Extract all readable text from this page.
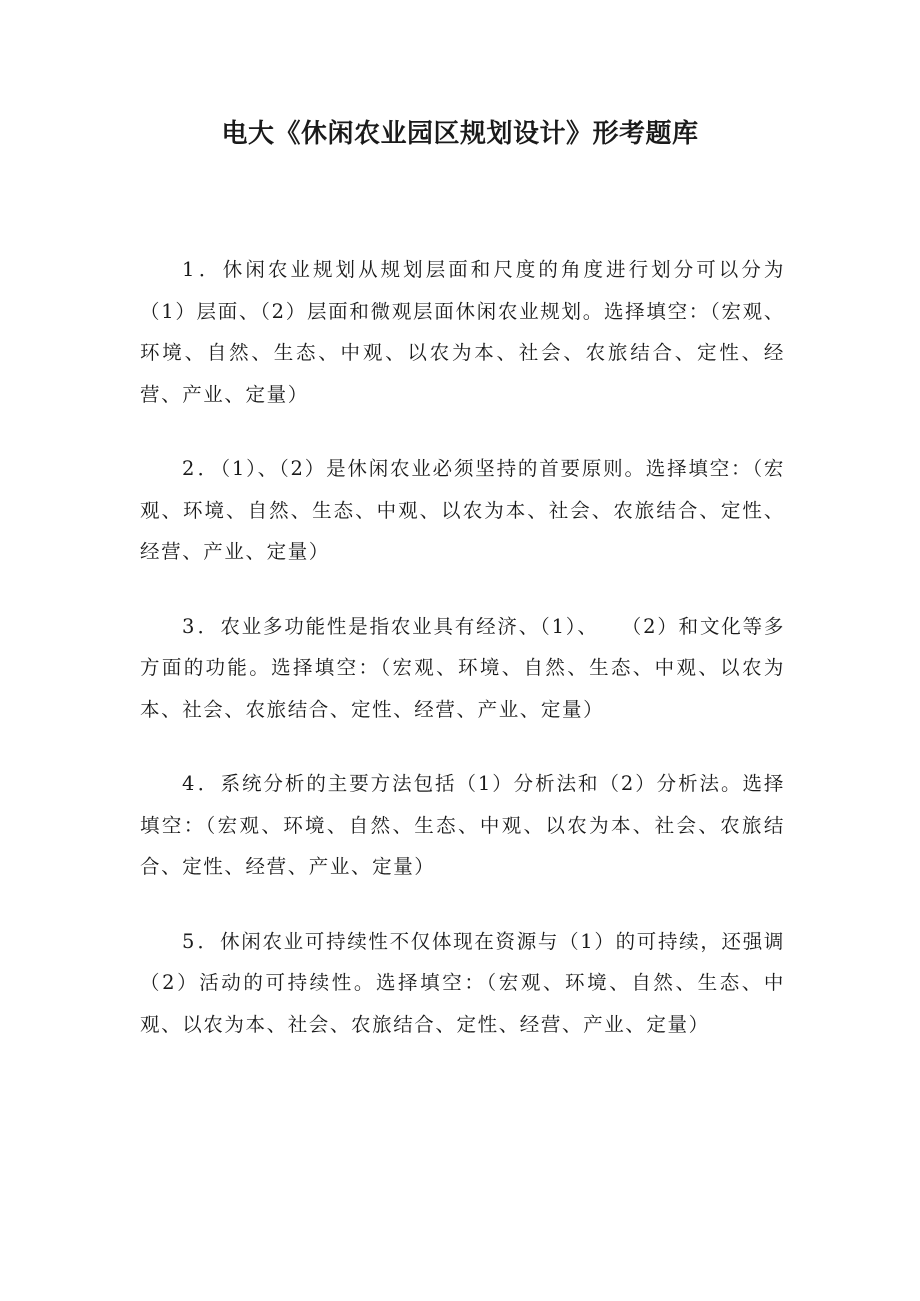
电大《休闲农业园区规划设计》形考题库

1．休闲农业规划从规划层面和尺度的角度进行划分可以分为（1）层面、（2）层面和微观层面休闲农业规划。选择填空：（宏观、环境、自然、生态、中观、以农为本、社会、农旅结合、定性、经营、产业、定量）

2．（1）、（2）是休闲农业必须坚持的首要原则。选择填空：（宏观、环境、自然、生态、中观、以农为本、社会、农旅结合、定性、经营、产业、定量）

3．农业多功能性是指农业具有经济、（1）、　　（2）和文化等多方面的功能。选择填空：（宏观、环境、自然、生态、中观、以农为本、社会、农旅结合、定性、经营、产业、定量）

4．系统分析的主要方法包括（1）分析法和（2）分析法。选择填空：（宏观、环境、自然、生态、中观、以农为本、社会、农旅结合、定性、经营、产业、定量）

5．休闲农业可持续性不仅体现在资源与（1）的可持续，还强调（2）活动的可持续性。选择填空：（宏观、环境、自然、生态、中观、以农为本、社会、农旅结合、定性、经营、产业、定量）
